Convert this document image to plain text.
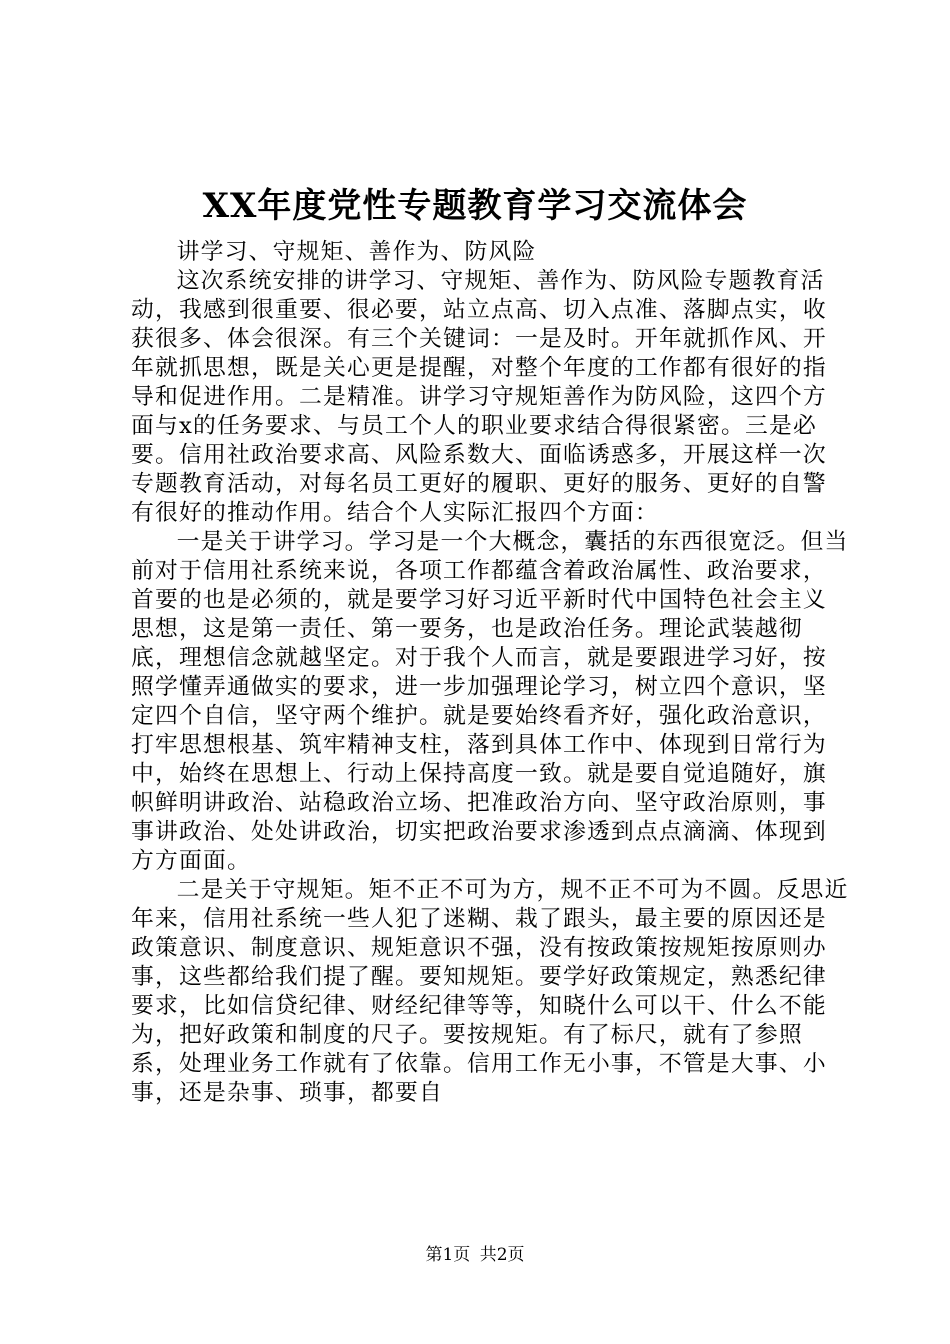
XX年度党性专题教育学习交流体会

讲学习、守规矩、善作为、防风险

这次系统安排的讲学习、守规矩、善作为、防风险专题教育活动，我感到很重要、很必要，站立点高、切入点准、落脚点实，收获很多、体会很深。有三个关键词：一是及时。开年就抓作风、开年就抓思想，既是关心更是提醒，对整个年度的工作都有很好的指导和促进作用。二是精准。讲学习守规矩善作为防风险，这四个方面与x的任务要求、与员工个人的职业要求结合得很紧密。三是必要。信用社政治要求高、风险系数大、面临诱惑多，开展这样一次专题教育活动，对每名员工更好的履职、更好的服务、更好的自警有很好的推动作用。结合个人实际汇报四个方面：

一是关于讲学习。学习是一个大概念，囊括的东西很宽泛。但当前对于信用社系统来说，各项工作都蕴含着政治属性、政治要求，首要的也是必须的，就是要学习好习近平新时代中国特色社会主义思想，这是第一责任、第一要务，也是政治任务。理论武装越彻底，理想信念就越坚定。对于我个人而言，就是要跟进学习好，按照学懂弄通做实的要求，进一步加强理论学习，树立四个意识，坚定四个自信，坚守两个维护。就是要始终看齐好，强化政治意识，打牢思想根基、筑牢精神支柱，落到具体工作中、体现到日常行为中，始终在思想上、行动上保持高度一致。就是要自觉追随好，旗帜鲜明讲政治、站稳政治立场、把准政治方向、坚守政治原则，事事讲政治、处处讲政治，切实把政治要求渗透到点点滴滴、体现到方方面面。

二是关于守规矩。矩不正不可为方，规不正不可为不圆。反思近年来，信用社系统一些人犯了迷糊、栽了跟头，最主要的原因还是政策意识、制度意识、规矩意识不强，没有按政策按规矩按原则办事，这些都给我们提了醒。要知规矩。要学好政策规定，熟悉纪律要求，比如信贷纪律、财经纪律等等，知晓什么可以干、什么不能为，把好政策和制度的尺子。要按规矩。有了标尺，就有了参照系，处理业务工作就有了依靠。信用工作无小事，不管是大事、小事，还是杂事、琐事，都要自

第1页 共2页
